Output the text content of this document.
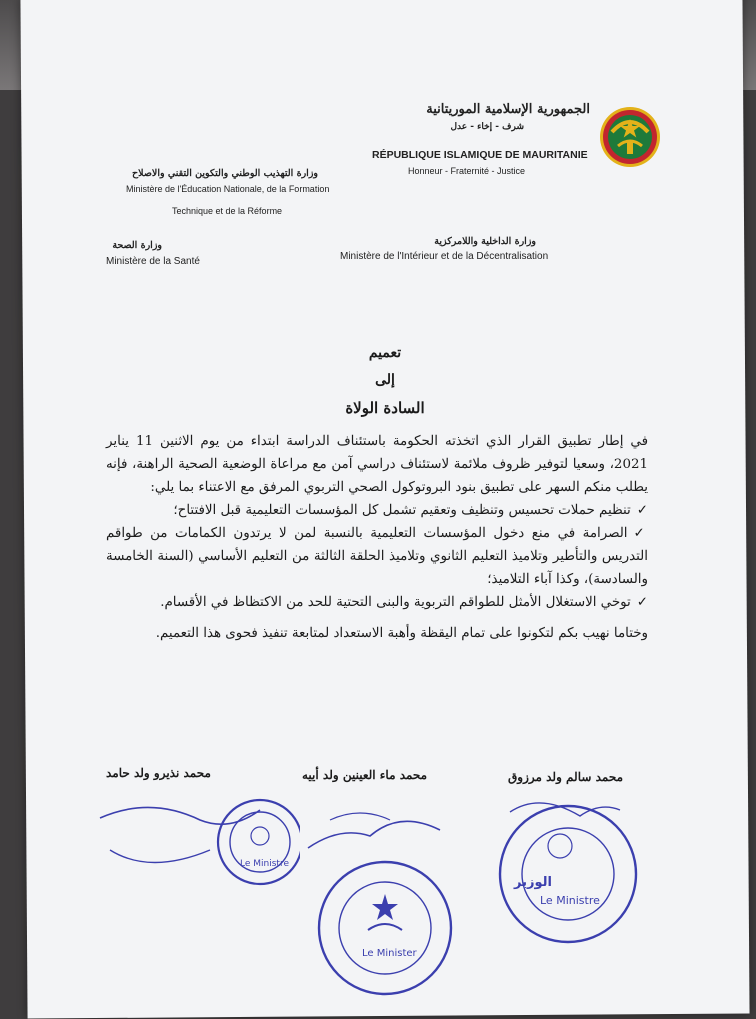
الجمهورية الإسلامية الموريتانية
شرف - إخاء - عدل
RÉPUBLIQUE ISLAMIQUE DE MAURITANIE
Honneur - Fraternité - Justice
وزارة التهذيب الوطني والتكوين التقني والاصلاح
Ministère de l'Éducation Nationale, de la Formation
Technique et de la Réforme
وزارة الصحة
Ministère de la Santé
وزارة الداخلية واللامركزية
Ministère de l'Intérieur et de la Décentralisation
تعميم
إلى
السادة الولاة
في إطار تطبيق القرار الذي اتخذته الحكومة باستئناف الدراسة ابتداء من يوم الاثنين 11 يناير 2021، وسعيا لتوفير ظروف ملائمة لاستئناف دراسي آمن مع مراعاة الوضعية الصحية الراهنة، فإنه يطلب منكم السهر على تطبيق بنود البروتوكول الصحي التربوي المرفق مع الاعتناء بما يلي:
✓تنظيم حملات تحسيس وتنظيف وتعقيم تشمل كل المؤسسات التعليمية قبل الافتتاح؛
✓الصرامة في منع دخول المؤسسات التعليمية بالنسبة لمن لا يرتدون الكمامات من طواقم التدريس والتأطير وتلاميذ التعليم الثانوي وتلاميذ الحلقة الثالثة من التعليم الأساسي (السنة الخامسة والسادسة)، وكذا آباء التلاميذ؛
✓توخي الاستغلال الأمثل للطواقم التربوية والبنى التحتية للحد من الاكتظاظ في الأقسام.
وختاما نهيب بكم لتكونوا على تمام اليقظة وأهبة الاستعداد لمتابعة تنفيذ فحوى هذا التعميم.
محمد نذيرو ولد حامد	محمد ماء العينين ولد أييه	محمد سالم ولد مرزوق
Le Ministre
Le Minister
الوزير
Le Ministre
